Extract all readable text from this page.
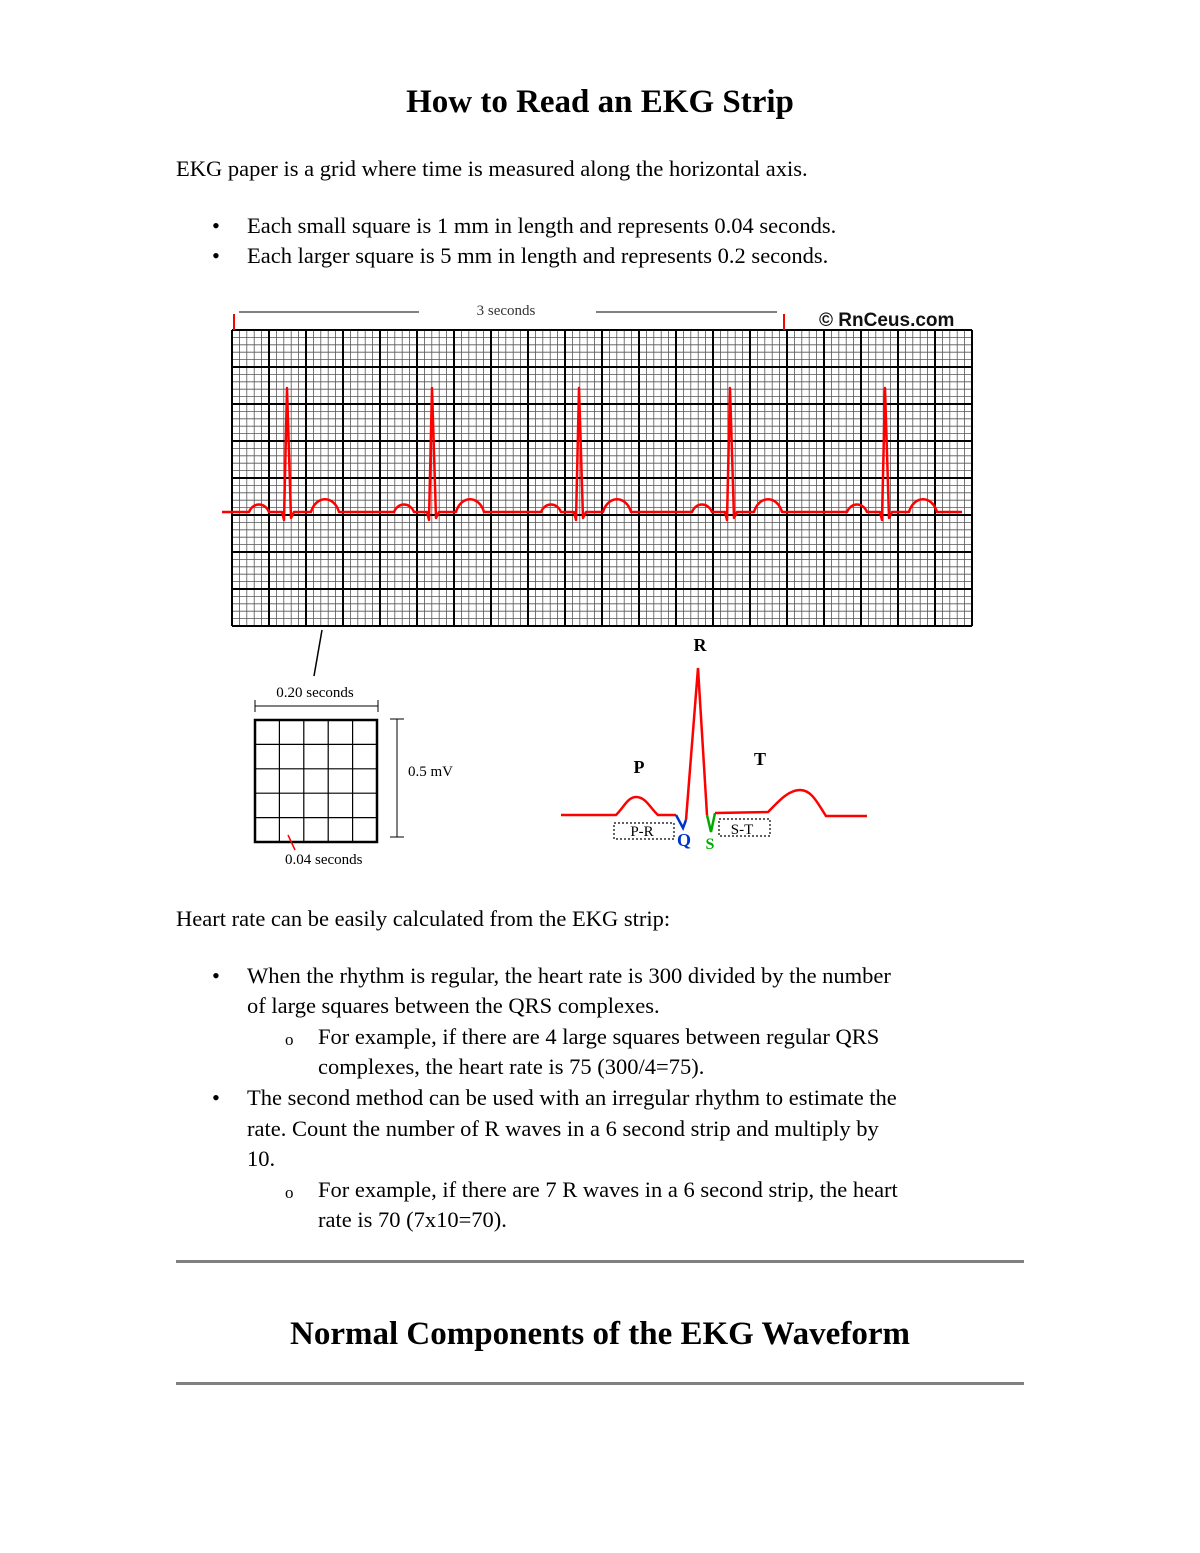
How to Read an EKG Strip
EKG paper is a grid where time is measured along the horizontal axis.
• Each small square is 1 mm in length and represents 0.04 seconds.
• Each larger square is 5 mm in length and represents 0.2 seconds.
3 seconds	© RnCeus.com
0.20 seconds
0.5 mV
0.04 seconds
P-R	S-T
R
P	T
Q S
Heart rate can be easily calculated from the EKG strip:
• When the rhythm is regular, the heart rate is 300 divided by the number
of large squares between the QRS complexes.
o For example, if there are 4 large squares between regular QRS
complexes, the heart rate is 75 (300/4=75).
• The second method can be used with an irregular rhythm to estimate the
rate. Count the number of R waves in a 6 second strip and multiply by
10.
o For example, if there are 7 R waves in a 6 second strip, the heart
rate is 70 (7x10=70).
Normal Components of the EKG Waveform
